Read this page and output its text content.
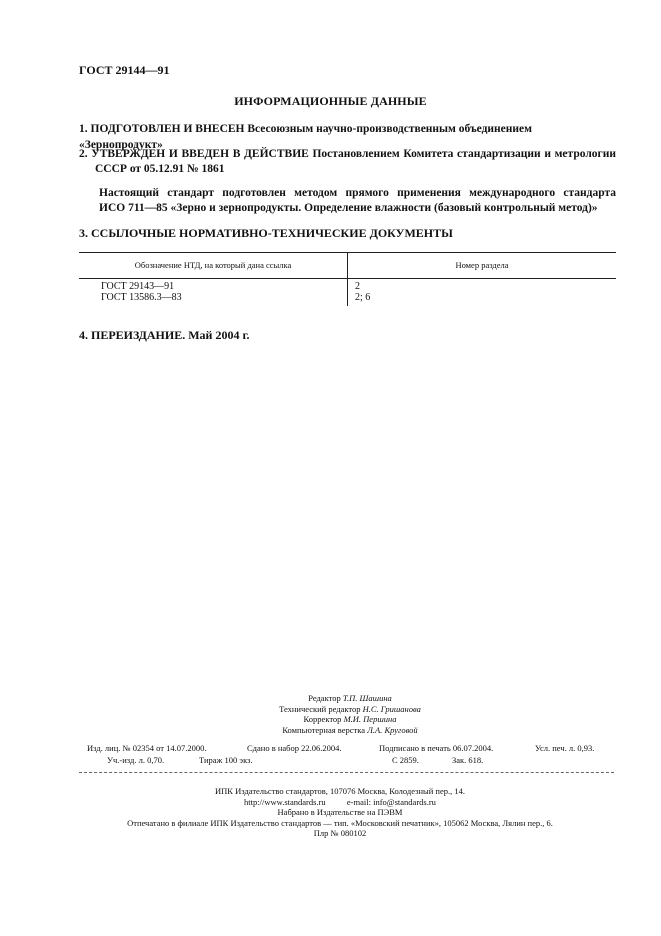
ГОСТ 29144—91
ИНФОРМАЦИОННЫЕ ДАННЫЕ
1. ПОДГОТОВЛЕН И ВНЕСЕН Всесоюзным научно-производственным объединением «Зернопродукт»
2. УТВЕРЖДЕН И ВВЕДЕН В ДЕЙСТВИЕ Постановлением Комитета стандартизации и метрологии
СССР от 05.12.91 № 1861
Настоящий стандарт подготовлен методом прямого применения международного стандарта
ИСО 711—85 «Зерно и зернопродукты. Определение влажности (базовый контрольный метод)»
3. ССЫЛОЧНЫЕ НОРМАТИВНО-ТЕХНИЧЕСКИЕ ДОКУМЕНТЫ
Обозначение НТД, на который дана ссылка	Номер раздела
ГОСТ 29143—91	2
ГОСТ 13586.3—83	2; 6
4. ПЕРЕИЗДАНИЕ. Май 2004 г.
Редактор Т.П. Шашина
Технический редактор Н.С. Гришанова
Корректор М.И. Першина
Компьютерная верстка Л.А. Круговой
Изд. лиц. № 02354 от 14.07.2000.	Сдано в набор 22.06.2004.	Подписано в печать 06.07.2004.	Усл. печ. л. 0,93.
Уч.-изд. л. 0,70.	Тираж 100 экз.	С 2859.	Зак. 618.
ИПК Издательство стандартов, 107076 Москва, Колодезный пер., 14.
http://www.standards.ru          e-mail: info@standards.ru
Набрано в Издательстве на ПЭВМ
Отпечатано в филиале ИПК Издательство стандартов — тип. «Московский печатник», 105062 Москва, Лялин пер., 6.
Плр № 080102
